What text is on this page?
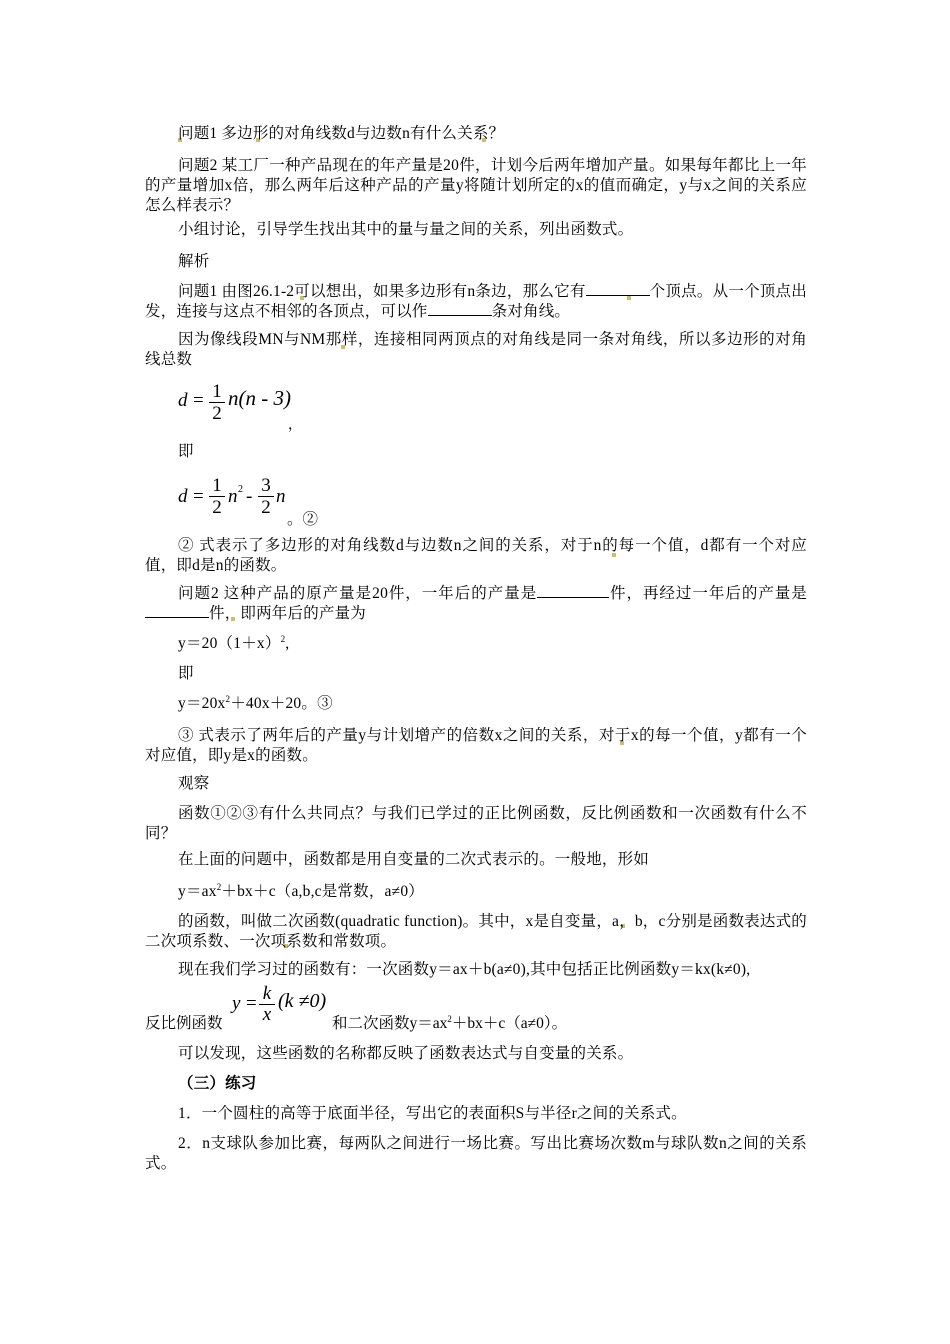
问题1 多边形的对角线数d与边数n有什么关系？
问题2 某工厂一种产品现在的年产量是20件，计划今后两年增加产量。如果每年都比上一年的产量增加x倍，那么两年后这种产品的产量y将随计划所定的x的值而确定，y与x之间的关系应怎么样表示？
小组讨论，引导学生找出其中的量与量之间的关系，列出函数式。
解析
问题1 由图26.1-2可以想出，如果多边形有n条边，那么它有	个顶点。从一个顶点出发，连接与这点不相邻的各顶点，可以作	条对角线。
因为像线段MN与NM那样，连接相同两顶点的对角线是同一条对角线，所以多边形的对角线总数
d = 1
2
n(n - 3)
，
即
d =
1
2
n 2 -
3
2
n
。②
② 式表示了多边形的对角线数d与边数n之间的关系，对于n的每一个值，d都有一个对应值，即d是n的函数。
问题2 这种产品的原产量是20件，一年后的产量是	件，再经过一年后的产量是件，即两年后的产量为
$y=20(1+x)^2$,
即
$y=20x^2+40x+20$。③
③ 式表示了两年后的产量y与计划增产的倍数x之间的关系，对于x的每一个值，y都有一个对应值，即y是x的函数。
观察
函数①②③有什么共同点？与我们已学过的正比例函数，反比例函数和一次函数有什么不同？
在上面的问题中，函数都是用自变量的二次式表示的。一般地，形如
$y=ax^2+bx+c(a,b,c$是常数，a≠0）
的函数，叫做二次函数(quadratic function)。其中，x是自变量，a，b，c分别是函数表达式的二次项系数、一次项系数和常数项。
现在我们学习过的函数有：一次函数y＝ax＋b(a≠0),其中包括正比例函数y＝kx(k≠0),
反比例函数
y = k
x
(k ≠0)
和二次函数$y=ax^2+bx+c(a\ne 0)$。
可以发现，这些函数的名称都反映了函数表达式与自变量的关系。
（三）练习
1．一个圆柱的高等于底面半径，写出它的表面积S与半径r之间的关系式。
2．n支球队参加比赛，每两队之间进行一场比赛。写出比赛场次数m与球队数n之间的关系式。
